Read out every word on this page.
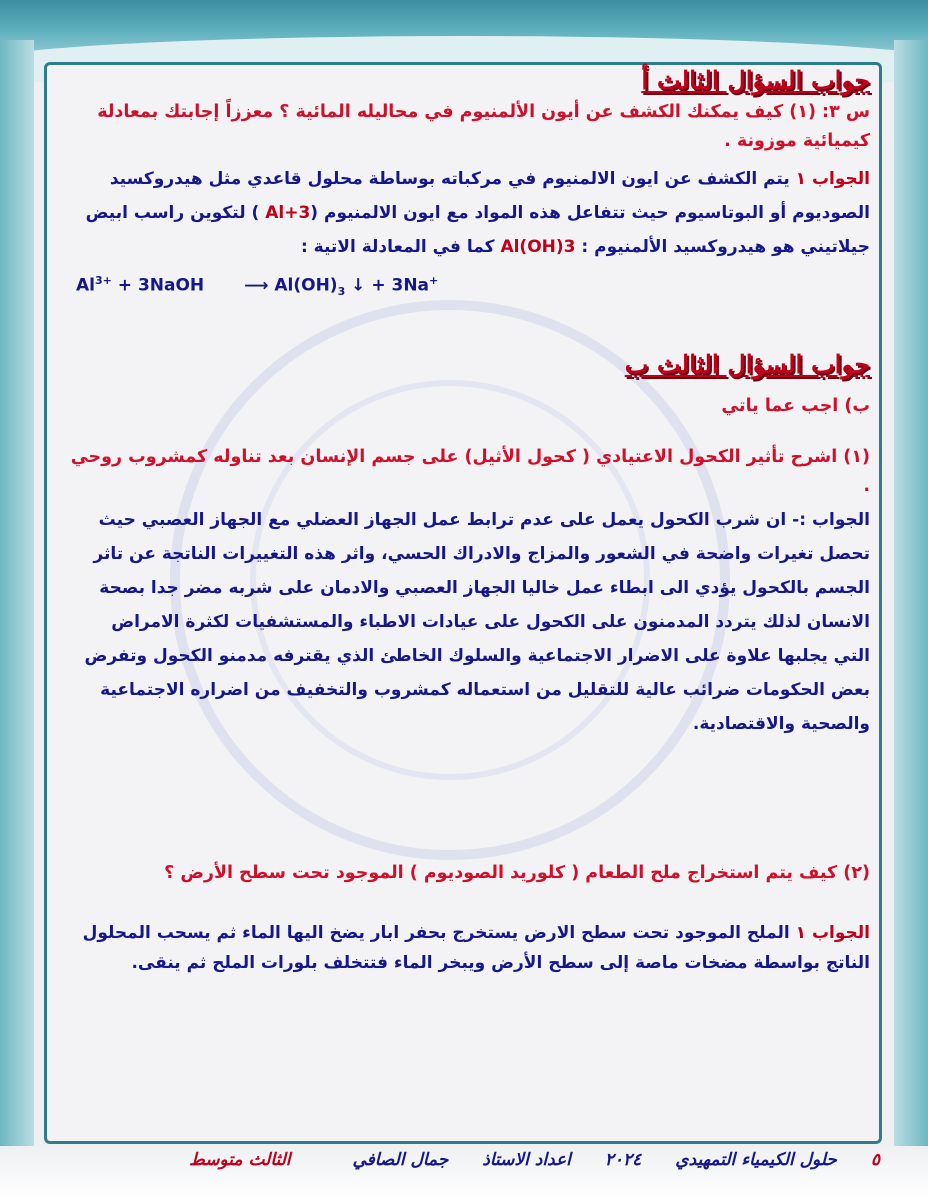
جواب السؤال الثالث أ

س ٣: (١) كيف يمكنك الكشف عن أيون الألمنيوم في محاليله المائية ؟ معززاً إجابتك بمعادلة كيميائية موزونة .

الجواب ١ يتم الكشف عن ايون الالمنيوم في مركباته بوساطة محلول قاعدي مثل هيدروكسيد الصوديوم أو البوتاسيوم حيث تتفاعل هذه المواد مع ايون الالمنيوم (Al+3 ) لتكوين راسب ابيض جيلاتيني هو هيدروكسيد الألمنيوم : Al(OH)3 كما في المعادلة الاتية :

$Al^{3+}$ + 3NaOH ⟶ $Al(OH)_3$ ↓ + 3Na+

جواب السؤال الثالث ب

ب) اجب عما ياتي

(١) اشرح تأثير الكحول الاعتيادي ( كحول الأثيل) على جسم الإنسان بعد تناوله كمشروب روحي .

الجواب :- ان شرب الكحول يعمل على عدم ترابط عمل الجهاز العضلي مع الجهاز العصبي حيث تحصل تغيرات واضحة في الشعور والمزاج والادراك الحسي، واثر هذه التغييرات الناتجة عن تاثر الجسم بالكحول يؤدي الى ابطاء عمل خاليا الجهاز العصبي والادمان على شربه مضر جدا بصحة الانسان لذلك يتردد المدمنون على الكحول على عيادات الاطباء والمستشفيات لكثرة الامراض التي يجلبها علاوة على الاضرار الاجتماعية والسلوك الخاطئ الذي يقترفه مدمنو الكحول وتفرض بعض الحكومات ضرائب عالية للتقليل من استعماله كمشروب والتخفيف من اضراره الاجتماعية والصحية والاقتصادية.

(٢) كيف يتم استخراج ملح الطعام ( كلوريد الصوديوم ) الموجود تحت سطح الأرض ؟

الجواب ١ الملح الموجود تحت سطح الارض يستخرج بحفر ابار يضخ اليها الماء ثم يسحب المحلول الناتج بواسطة مضخات ماصة إلى سطح الأرض ويبخر الماء فتتخلف بلورات الملح ثم ينقى.

٥ حلول الكيمياء التمهيدي ٢٠٢٤ اعداد الاستاذ جمال الصافي الثالث متوسط
